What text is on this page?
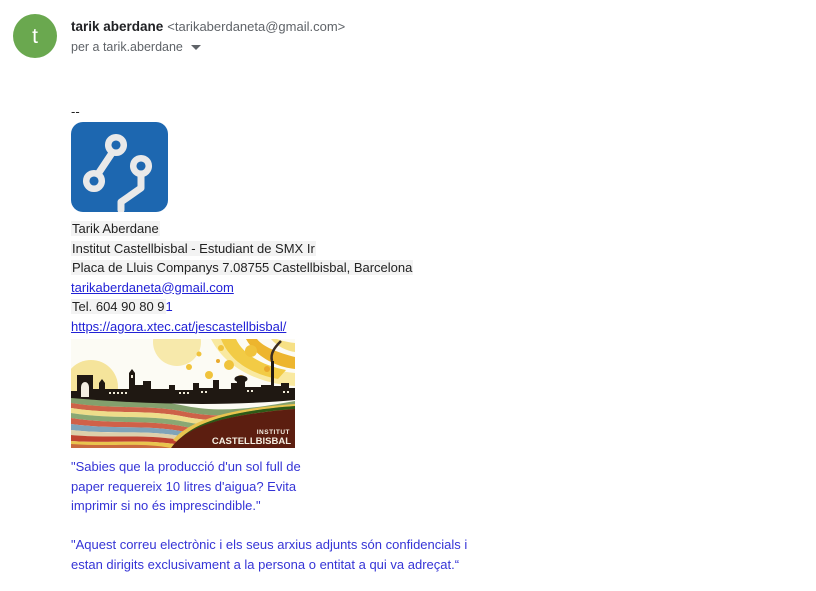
t	tarik aberdane <tarikaberdaneta@gmail.com>
per a tarik.aberdane
--
Tarik Aberdane
Institut Castellbisbal - Estudiant de SMX Ir
Placa de Lluis Companys 7.08755 Castellbisbal, Barcelona
tarikaberdaneta@gmail.com
Tel. 604 90 80 91
https://agora.xtec.cat/jescastellbisbal/
INSTITUT
CASTELLBISBAL
"Sabies que la producció d'un sol full de
paper requereix 10 litres d'aigua? Evita
imprimir si no és imprescindible."
"Aquest correu electrònic i els seus arxius adjunts són confidencials i
estan dirigits exclusivament a la persona o entitat a qui va adreçat.“
